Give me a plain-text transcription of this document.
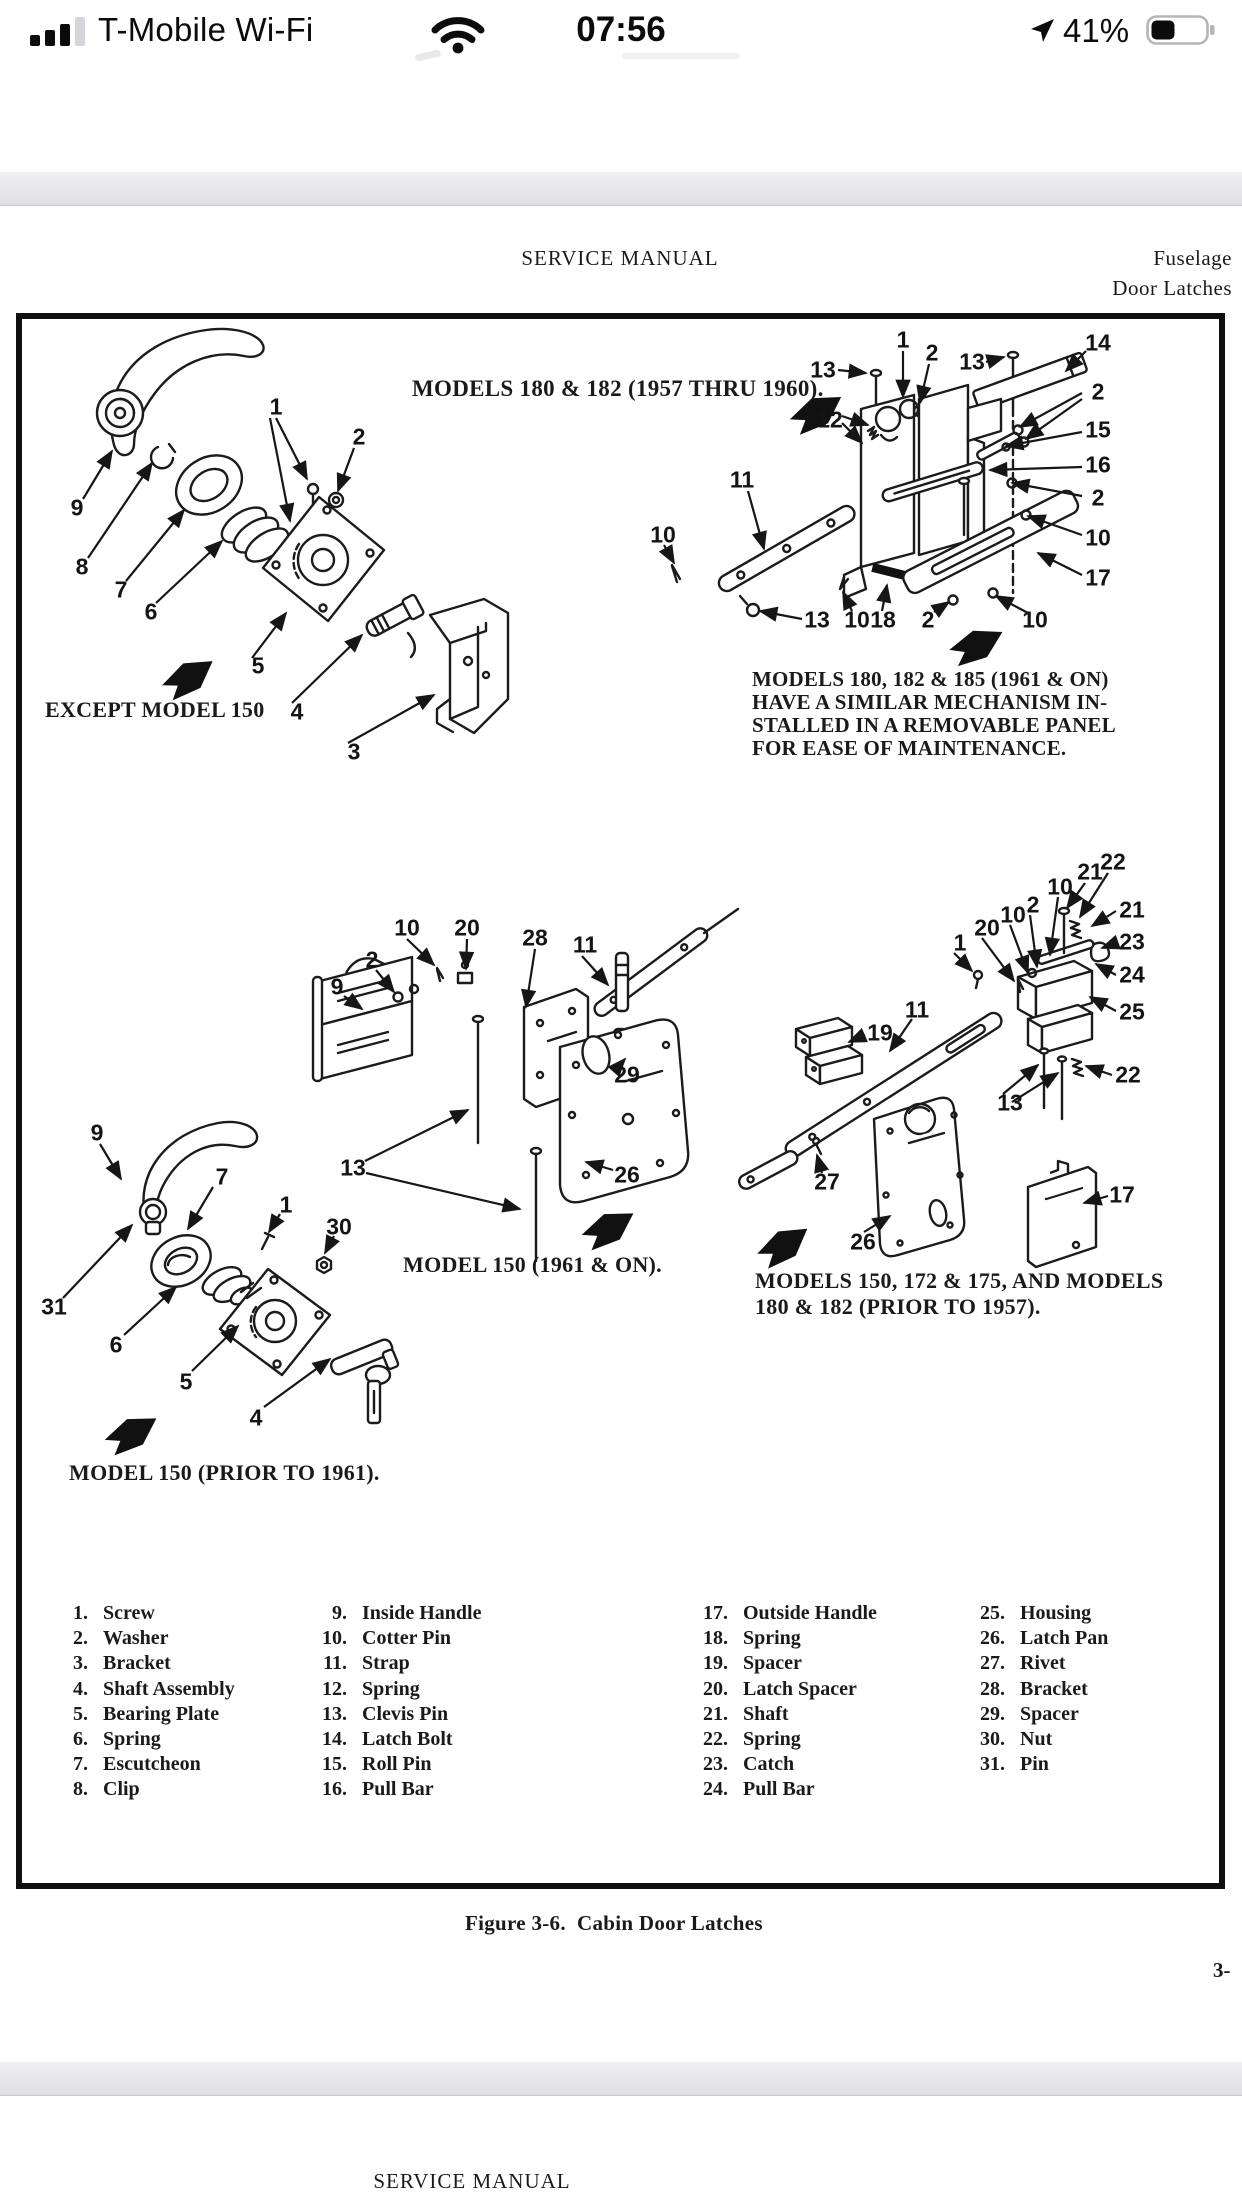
T-Mobile Wi-Fi	07:56	41%
SERVICE MANUAL	Fuselage
Door Latches
1
2
9
8
7
6
5
4
3
13
1 2 13
14
12
2
15
16
2
11
10	10
17
13 10 18 2	10
10 20 28 11
2
9
29
13	26
20 10 2
10
21
22
21
23
24
25
1
19
11
22
13
27
26
17
9
7
1
30
31
6
5
4
MODELS 180 & 182 (1957 THRU 1960).
EXCEPT MODEL 150
MODELS 180, 182 & 185 (1961 & ON)
HAVE A SIMILAR MECHANISM IN-
STALLED IN A REMOVABLE PANEL
FOR EASE OF MAINTENANCE.
MODEL 150 (1961 & ON).
MODELS 150, 172 & 175, AND MODELS
180 & 182 (PRIOR TO 1957).
MODEL 150 (PRIOR TO 1961).
1. Screw
2. Washer
3. Bracket
4. Shaft Assembly
5. Bearing Plate
6. Spring
7. Escutcheon
8. Clip
9. Inside Handle
10. Cotter Pin
11. Strap
12. Spring
13. Clevis Pin
14. Latch Bolt
15. Roll Pin
16. Pull Bar
17. Outside Handle
18. Spring
19. Spacer
20. Latch Spacer
21. Shaft
22. Spring
23. Catch
24. Pull Bar
25. Housing
26. Latch Pan
27. Rivet
28. Bracket
29. Spacer
30. Nut
31. Pin
Figure 3-6.  Cabin Door Latches
3-
SERVICE MANUAL
